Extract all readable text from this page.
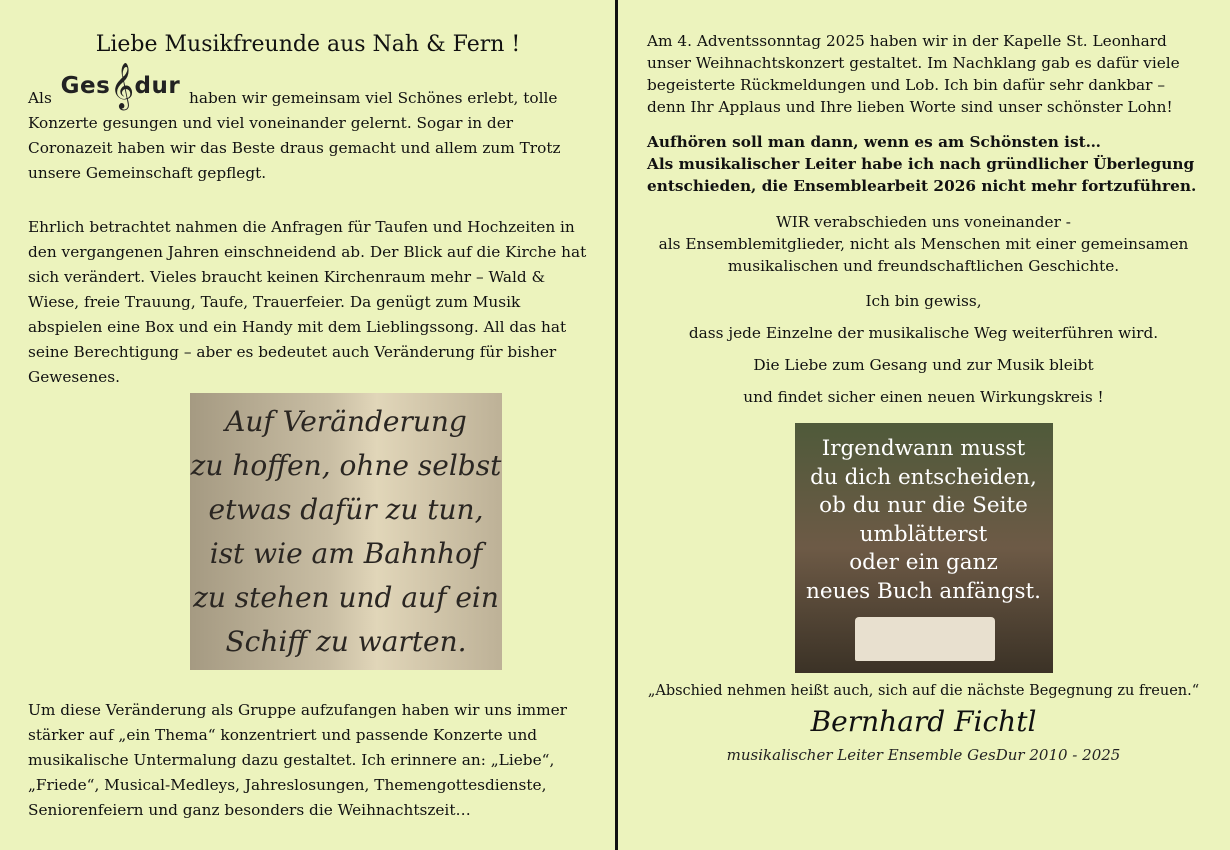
Liebe Musikfreunde aus Nah & Fern !

Als Ges𝄞dur haben wir gemeinsam viel Schönes erlebt, tolle Konzerte gesungen und viel voneinander gelernt. Sogar in der Coronazeit haben wir das Beste draus gemacht und allem zum Trotz unsere Gemeinschaft gepflegt.

Ehrlich betrachtet nahmen die Anfragen für Taufen und Hochzeiten in den vergangenen Jahren einschneidend ab. Der Blick auf die Kirche hat sich verändert. Vieles braucht keinen Kirchenraum mehr – Wald & Wiese, freie Trauung, Taufe, Trauerfeier. Da genügt zum Musik abspielen eine Box und ein Handy mit dem Lieblingssong. All das hat seine Berechtigung – aber es bedeutet auch Veränderung für bisher Gewesenes.

Auf Veränderung
zu hoffen, ohne selbst
etwas dafür zu tun,
ist wie am Bahnhof
zu stehen und auf ein
Schiff zu warten.

Um diese Veränderung als Gruppe aufzufangen haben wir uns immer stärker auf „ein Thema“ konzentriert und passende Konzerte und musikalische Untermalung dazu gestaltet. Ich erinnere an: „Liebe“, „Friede“, Musical-Medleys, Jahreslosungen, Themengottesdienste, Seniorenfeiern und ganz besonders die Weihnachtszeit…

Am 4. Adventssonntag 2025 haben wir in der Kapelle St. Leonhard unser Weihnachtskonzert gestaltet. Im Nachklang gab es dafür viele begeisterte Rückmeldungen und Lob. Ich bin dafür sehr dankbar – denn Ihr Applaus und Ihre lieben Worte sind unser schönster Lohn!

Aufhören soll man dann, wenn es am Schönsten ist…

Als musikalischer Leiter habe ich nach gründlicher Überlegung entschieden, die Ensemblearbeit 2026 nicht mehr fortzuführen.

WIR verabschieden uns voneinander -

als Ensemblemitglieder, nicht als Menschen mit einer gemeinsamen musikalischen und freundschaftlichen Geschichte.

Ich bin gewiss,

dass jede Einzelne der musikalische Weg weiterführen wird.

Die Liebe zum Gesang und zur Musik bleibt

und findet sicher einen neuen Wirkungskreis !

Irgendwann musst
du dich entscheiden,
ob du nur die Seite
umblätterst
oder ein ganz
neues Buch anfängst.
„Abschied nehmen heißt auch, sich auf die nächste Begegnung zu freuen.“
Bernhard Fichtl
musikalischer Leiter Ensemble GesDur 2010 - 2025
